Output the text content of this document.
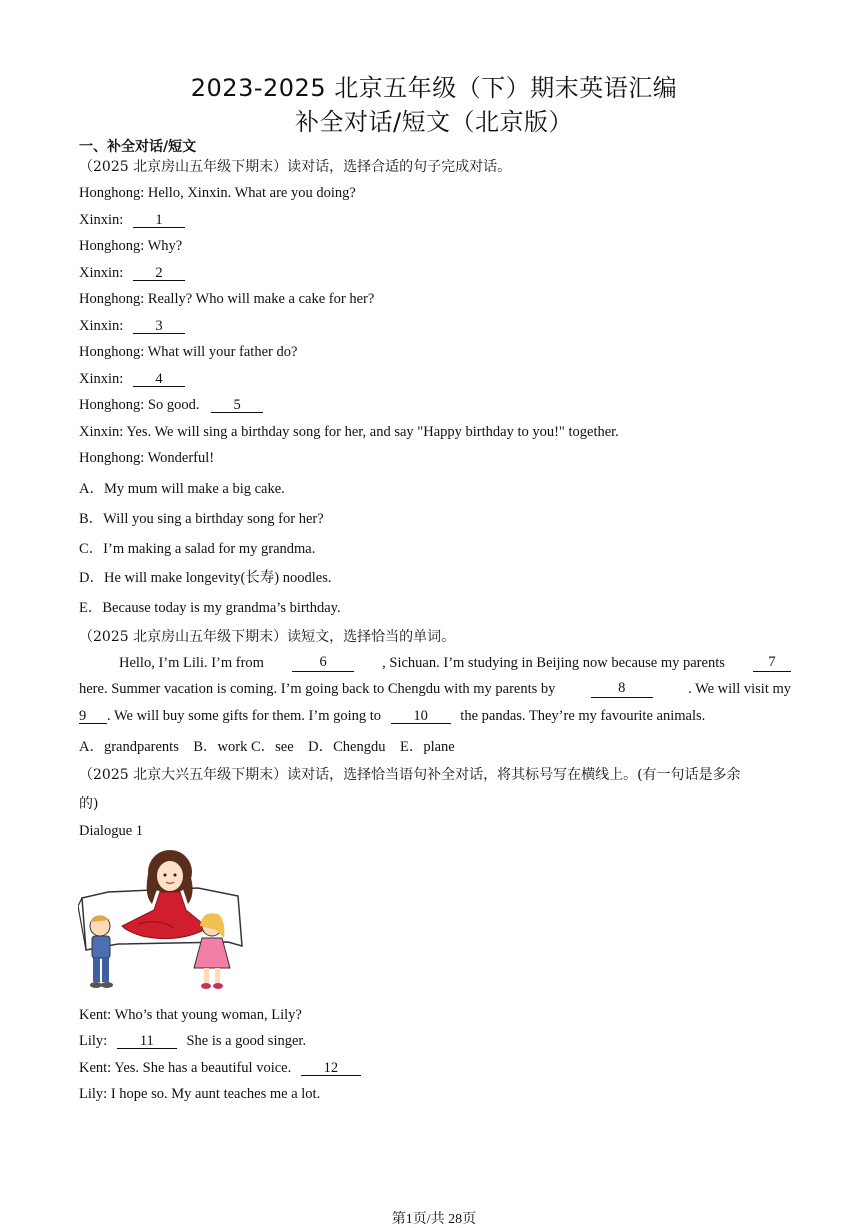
2023-2025 北京五年级（下）期末英语汇编
补全对话/短文（北京版）
一、补全对话/短文
（2025 北京房山五年级下期末）读对话，选择合适的句子完成对话。
Honghong: Hello, Xinxin. What are you doing?
Xinxin: 1
Honghong: Why?
Xinxin: 2
Honghong: Really? Who will make a cake for her?
Xinxin: 3
Honghong: What will your father do?
Xinxin: 4
Honghong: So good. 5
Xinxin: Yes. We will sing a birthday song for her, and say "Happy birthday to you!" together.
Honghong: Wonderful!
A．My mum will make a big cake.
B．Will you sing a birthday song for her?
C．I’m making a salad for my grandma.
D．He will make longevity(长寿) noodles.
E．Because today is my grandma’s birthday.
（2025 北京房山五年级下期末）读短文，选择恰当的单词。
Hello, I’m Lili. I’m from	6	, Sichuan. I’m studying in Beijing now because my parents	7
here. Summer vacation is coming. I’m going back to Chengdu with my parents by	8	. We will visit my
9 . We will buy some gifts for them. I’m going to 10 the pandas. They’re my favourite animals.
A．grandparents　B．work C．see　D．Chengdu　E．plane
（2025 北京大兴五年级下期末）读对话，选择恰当语句补全对话，将其标号写在横线上。(有一句话是多余
的)
Dialogue 1
Kent: Who’s that young woman, Lily?
Lily: 11 She is a good singer.
Kent: Yes. She has a beautiful voice. 12
Lily: I hope so. My aunt teaches me a lot.
第1页/共 28页
